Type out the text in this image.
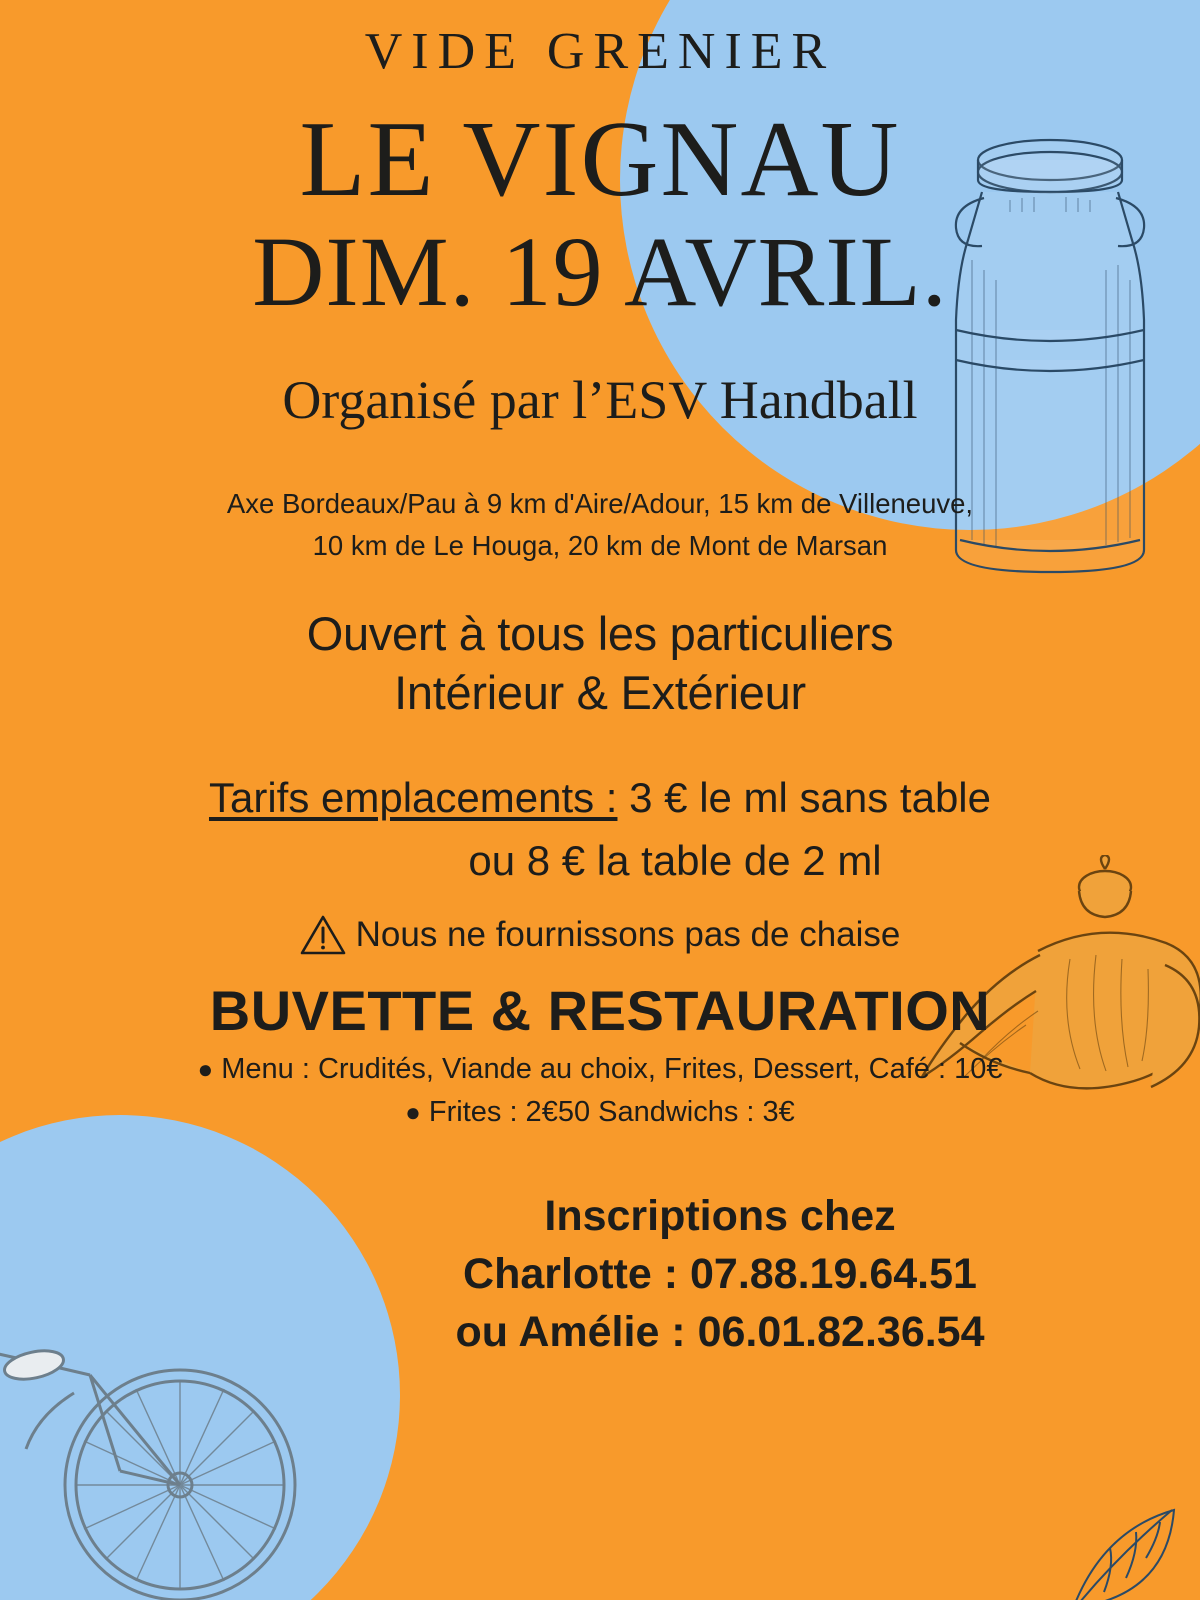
VIDE GRENIER
LE VIGNAU
DIM. 19 AVRIL.
Organisé par l’ESV Handball
Axe Bordeaux/Pau à 9 km d'Aire/Adour, 15 km de Villeneuve,
10 km de Le Houga, 20 km de Mont de Marsan
Ouvert à tous les particuliers
Intérieur & Extérieur
Tarifs emplacements : 3 € le ml sans table
ou 8 € la table de 2 ml
Nous ne fournissons pas de chaise
BUVETTE & RESTAURATION
● Menu : Crudités, Viande au choix, Frites, Dessert, Café : 10€
● Frites : 2€50 Sandwichs : 3€
Inscriptions chez
Charlotte : 07.88.19.64.51
ou Amélie : 06.01.82.36.54
